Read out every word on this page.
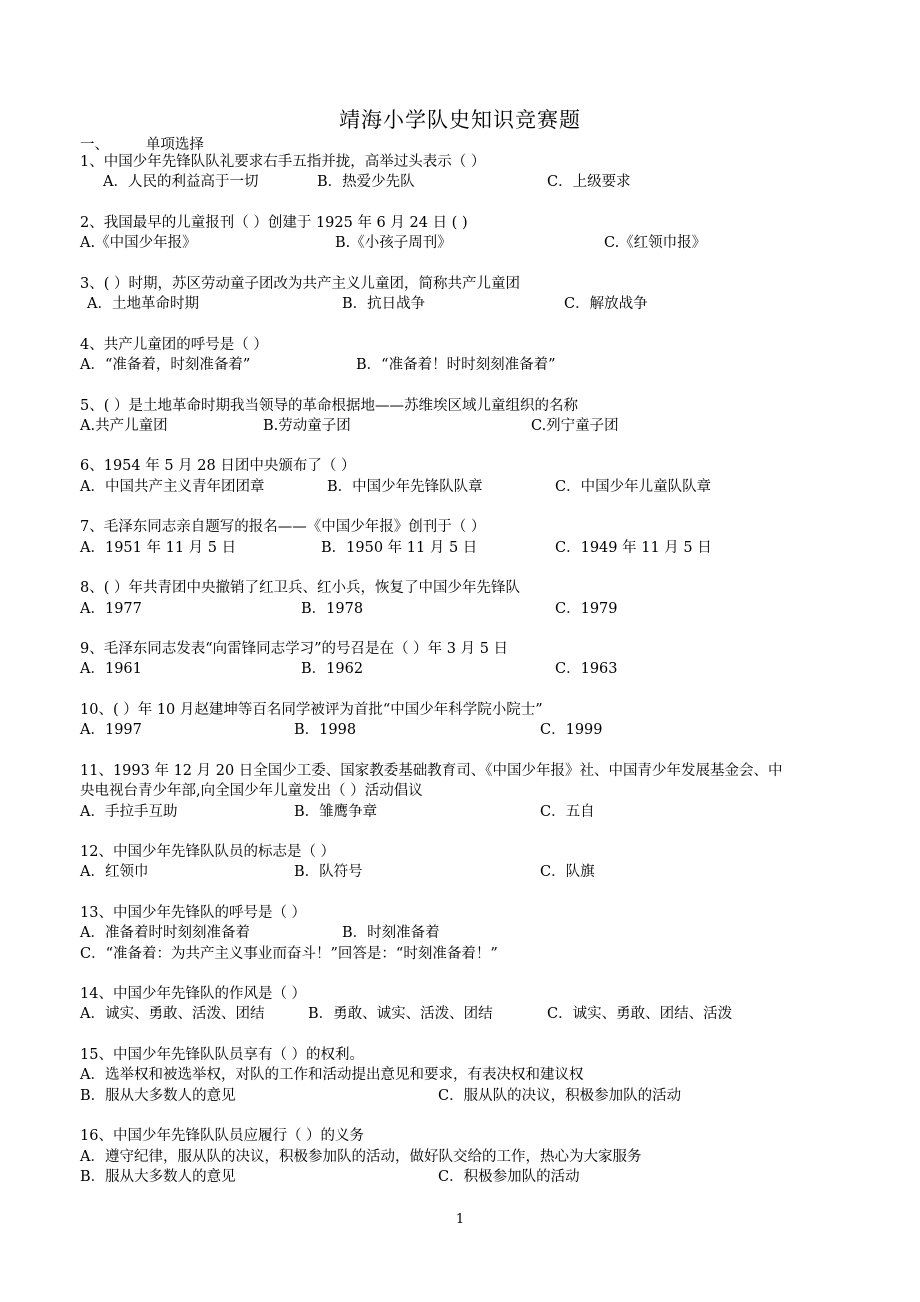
靖海小学队史知识竞赛题
一、        单项选择
1、中国少年先锋队队礼要求右手五指并拢，高举过头表示（ ）
A．人民的利益高于一切	B．热爱少先队	C．上级要求
2、我国最早的儿童报刊（ ）创建于 1925 年 6 月 24 日 ( )
A.《中国少年报》	B.《小孩子周刊》	C.《红领巾报》
3、( ）时期，苏区劳动童子团改为共产主义儿童团，简称共产儿童团
A．土地革命时期	B．抗日战争	C．解放战争
4、共产儿童团的呼号是（ ）
A．“准备着，时刻准备着”	B．“准备着！时时刻刻准备着”
5、( ）是土地革命时期我当领导的革命根据地——苏维埃区域儿童组织的名称
A.共产儿童团	B.劳动童子团	C.列宁童子团
6、1954 年 5 月 28 日团中央颁布了（ ）
A．中国共产主义青年团团章	B．中国少年先锋队队章	C．中国少年儿童队队章
7、毛泽东同志亲自题写的报名——《中国少年报》创刊于（ ）
A．1951 年 11 月 5 日	B．1950 年 11 月 5 日	C．1949 年 11 月 5 日
8、( ）年共青团中央撤销了红卫兵、红小兵，恢复了中国少年先锋队
A．1977	B．1978	C．1979
9、毛泽东同志发表“向雷锋同志学习”的号召是在（ ）年 3 月 5 日
A．1961	B．1962	C．1963
10、( ）年 10 月赵建坤等百名同学被评为首批“中国少年科学院小院士”
A．1997	B．1998	C．1999
11、1993 年 12 月 20 日全国少工委、国家教委基础教育司、《中国少年报》社、中国青少年发展基金会、中
央电视台青少年部,向全国少年儿童发出（ ）活动倡议
A．手拉手互助	B．雏鹰争章	C．五自
12、中国少年先锋队队员的标志是（ ）
A．红领巾	B．队符号	C．队旗
13、中国少年先锋队的呼号是（ ）
A．准备着时时刻刻准备着	B．时刻准备着
C．“准备着：为共产主义事业而奋斗！”回答是：“时刻准备着！”
14、中国少年先锋队的作风是（ ）
A．诚实、勇敢、活泼、团结	B．勇敢、诚实、活泼、团结	C．诚实、勇敢、团结、活泼
15、中国少年先锋队队员享有（ ）的权利。
A．选举权和被选举权，对队的工作和活动提出意见和要求，有表决权和建议权
B．服从大多数人的意见	C．服从队的决议，积极参加队的活动
16、中国少年先锋队队员应履行（ ）的义务
A．遵守纪律，服从队的决议，积极参加队的活动，做好队交给的工作，热心为大家服务
B．服从大多数人的意见	C．积极参加队的活动
1
